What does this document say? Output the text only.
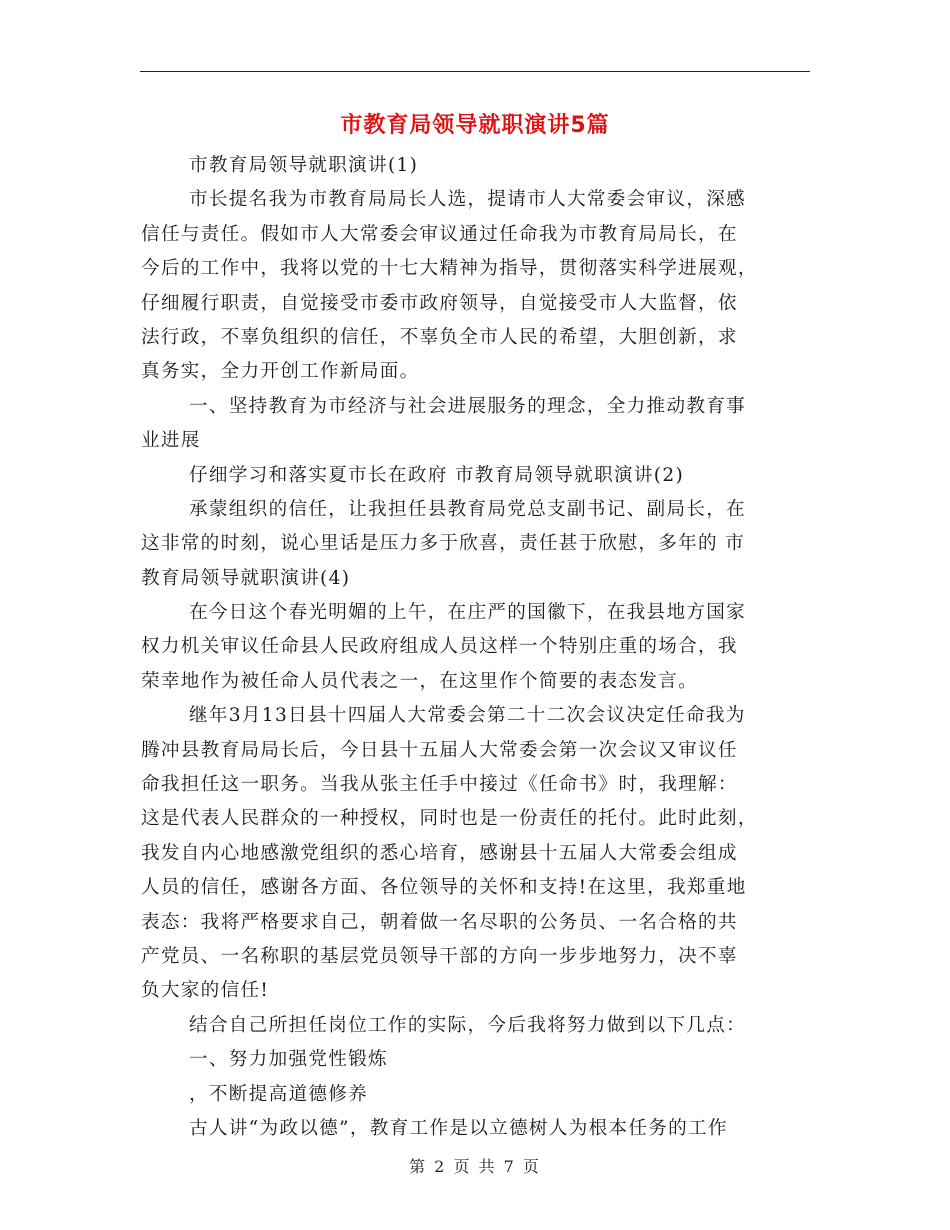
市教育局领导就职演讲5篇
市教育局领导就职演讲(1)
市长提名我为市教育局局长人选，提请市人大常委会审议，深感
信任与责任。假如市人大常委会审议通过任命我为市教育局局长，在
今后的工作中，我将以党的十七大精神为指导，贯彻落实科学进展观，
仔细履行职责，自觉接受市委市政府领导，自觉接受市人大监督，依
法行政，不辜负组织的信任，不辜负全市人民的希望，大胆创新，求
真务实，全力开创工作新局面。
一、坚持教育为市经济与社会进展服务的理念，全力推动教育事
业进展
仔细学习和落实夏市长在政府 市教育局领导就职演讲(2)
承蒙组织的信任，让我担任县教育局党总支副书记、副局长，在
这非常的时刻，说心里话是压力多于欣喜，责任甚于欣慰，多年的 市
教育局领导就职演讲(4)
在今日这个春光明媚的上午，在庄严的国徽下，在我县地方国家
权力机关审议任命县人民政府组成人员这样一个特别庄重的场合，我
荣幸地作为被任命人员代表之一，在这里作个简要的表态发言。
继年3月13日县十四届人大常委会第二十二次会议决定任命我为
腾冲县教育局局长后，今日县十五届人大常委会第一次会议又审议任
命我担任这一职务。当我从张主任手中接过《任命书》时，我理解：
这是代表人民群众的一种授权，同时也是一份责任的托付。此时此刻，
我发自内心地感激党组织的悉心培育，感谢县十五届人大常委会组成
人员的信任，感谢各方面、各位领导的关怀和支持!在这里，我郑重地
表态：我将严格要求自己，朝着做一名尽职的公务员、一名合格的共
产党员、一名称职的基层党员领导干部的方向一步步地努力，决不辜
负大家的信任!
结合自己所担任岗位工作的实际，今后我将努力做到以下几点：
一、努力加强党性锻炼
，不断提高道德修养
古人讲“为政以德”，教育工作是以立德树人为根本任务的工作
第 2 页 共 7 页
